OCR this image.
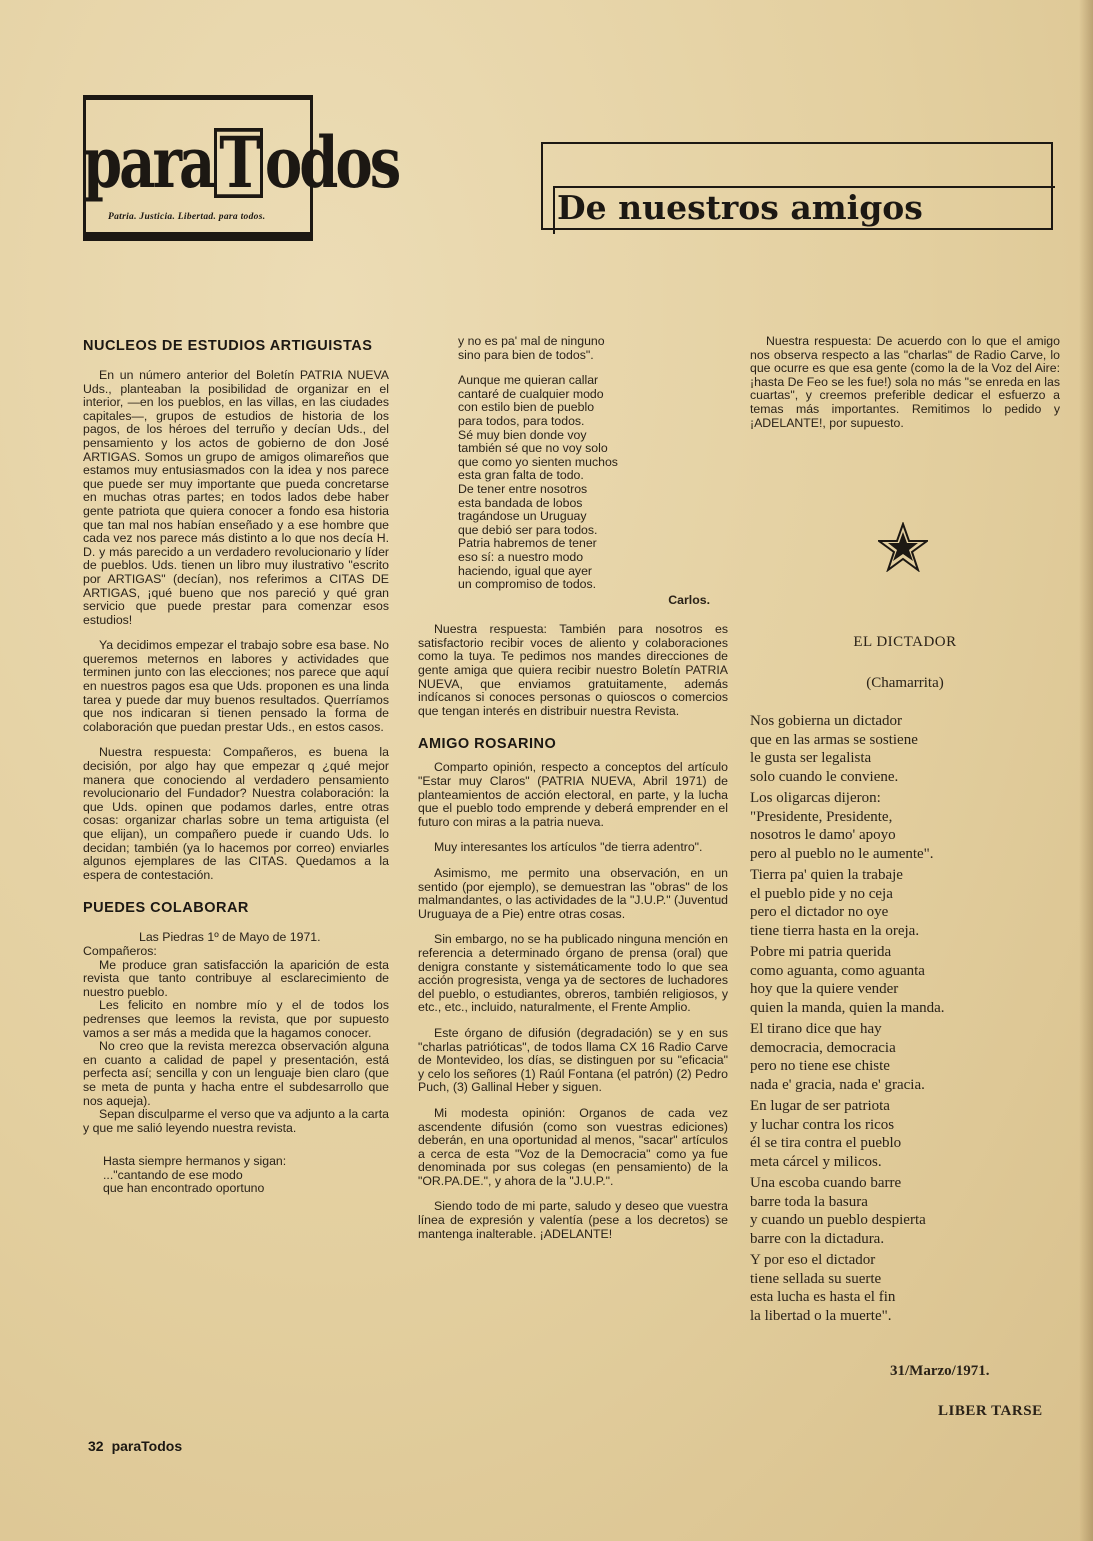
para T odos
Patria. Justicia. Libertad. para todos.	De nuestros amigos
NUCLEOS DE ESTUDIOS ARTIGUISTAS

En un número anterior del Boletín PATRIA NUEVA Uds., planteaban la posibilidad de organizar en el interior, —en los pueblos, en las villas, en las ciudades capitales—, grupos de estudios de historia de los pagos, de los héroes del terruño y decían Uds., del pensamiento y los actos de gobierno de don José ARTIGAS. Somos un grupo de amigos olimareños que estamos muy entusiasmados con la idea y nos parece que puede ser muy importante que pueda concretarse en muchas otras partes; en todos lados debe haber gente patriota que quiera conocer a fondo esa historia que tan mal nos habían enseñado y a ese hombre que cada vez nos parece más distinto a lo que nos decía H. D. y más parecido a un verdadero revolucionario y líder de pueblos. Uds. tienen un libro muy ilustrativo "escrito por ARTIGAS" (decían), nos referimos a CITAS DE ARTIGAS, ¡qué bueno que nos pareció y qué gran servicio que puede prestar para comenzar esos estudios!

Ya decidimos empezar el trabajo sobre esa base. No queremos meternos en labores y actividades que terminen junto con las elecciones; nos parece que aquí en nuestros pagos esa que Uds. proponen es una linda tarea y puede dar muy buenos resultados. Querríamos que nos indicaran si tienen pensado la forma de colaboración que puedan prestar Uds., en estos casos.

Nuestra respuesta: Compañeros, es buena la decisión, por algo hay que empezar q ¿qué mejor manera que conociendo al verdadero pensamiento revolucionario del Fundador? Nuestra colaboración: la que Uds. opinen que podamos darles, entre otras cosas: organizar charlas sobre un tema artiguista (el que elijan), un compañero puede ir cuando Uds. lo decidan; también (ya lo hacemos por correo) enviarles algunos ejemplares de las CITAS. Quedamos a la espera de contestación.

PUEDES COLABORAR

Las Piedras 1º de Mayo de 1971.

Compañeros:

Me produce gran satisfacción la aparición de esta revista que tanto contribuye al esclarecimiento de nuestro pueblo.

Les felicito en nombre mío y el de todos los pedrenses que leemos la revista, que por supuesto vamos a ser más a medida que la hagamos conocer.

No creo que la revista merezca observación alguna en cuanto a calidad de papel y presentación, está perfecta así; sencilla y con un lenguaje bien claro (que se meta de punta y hacha entre el subdesarrollo que nos aqueja).

Sepan disculparme el verso que va adjunto a la carta y que me salió leyendo nuestra revista.

Hasta siempre hermanos y sigan:
..."cantando de ese modo
que han encontrado oportuno

y no es pa' mal de ninguno
sino para bien de todos".

Aunque me quieran callar
cantaré de cualquier modo
con estilo bien de pueblo
para todos, para todos.
Sé muy bien donde voy
también sé que no voy solo
que como yo sienten muchos
esta gran falta de todo.
De tener entre nosotros
esta bandada de lobos
tragándose un Uruguay
que debió ser para todos.
Patria habremos de tener
eso sí: a nuestro modo
haciendo, igual que ayer
un compromiso de todos.

Carlos.

Nuestra respuesta: También para nosotros es satisfactorio recibir voces de aliento y colaboraciones como la tuya. Te pedimos nos mandes direcciones de gente amiga que quiera recibir nuestro Boletín PATRIA NUEVA, que enviamos gratuitamente, además indícanos si conoces personas o quioscos o comercios que tengan interés en distribuir nuestra Revista.

AMIGO ROSARINO

Comparto opinión, respecto a conceptos del artículo "Estar muy Claros" (PATRIA NUEVA, Abril 1971) de planteamientos de acción electoral, en parte, y la lucha que el pueblo todo emprende y deberá emprender en el futuro con miras a la patria nueva.

Muy interesantes los artículos "de tierra adentro".

Asimismo, me permito una observación, en un sentido (por ejemplo), se demuestran las "obras" de los malmandantes, o las actividades de la "J.U.P." (Juventud Uruguaya de a Pie) entre otras cosas.

Sin embargo, no se ha publicado ninguna mención en referencia a determinado órgano de prensa (oral) que denigra constante y sistemáticamente todo lo que sea acción progresista, venga ya de sectores de luchadores del pueblo, o estudiantes, obreros, también religiosos, y etc., etc., incluido, naturalmente, el Frente Amplio.

Este órgano de difusión (degradación) se y en sus "charlas patrióticas", de todos llama CX 16 Radio Carve de Montevideo, los días, se distinguen por su "eficacia" y celo los señores (1) Raúl Fontana (el patrón) (2) Pedro Puch, (3) Gallinal Heber y siguen.

Mi modesta opinión: Organos de cada vez ascendente difusión (como son vuestras ediciones) deberán, en una oportunidad al menos, "sacar" artículos a cerca de esta "Voz de la Democracia" como ya fue denominada por sus colegas (en pensamiento) de la "OR.PA.DE.", y ahora de la "J.U.P.".

Siendo todo de mi parte, saludo y deseo que vuestra línea de expresión y valentía (pese a los decretos) se mantenga inalterable. ¡ADELANTE!

Nuestra respuesta: De acuerdo con lo que el amigo nos observa respecto a las "charlas" de Radio Carve, lo que ocurre es que esa gente (como la de la Voz del Aire: ¡hasta De Feo se les fue!) sola no más "se enreda en las cuartas", y creemos preferible dedicar el esfuerzo a temas más importantes. Remitimos lo pedido y ¡ADELANTE!, por supuesto.

EL DICTADOR
(Chamarrita)
Nos gobierna un dictador
que en las armas se sostiene
le gusta ser legalista
solo cuando le conviene.
Los oligarcas dijeron:
"Presidente, Presidente,
nosotros le damo' apoyo
pero al pueblo no le aumente".
Tierra pa' quien la trabaje
el pueblo pide y no ceja
pero el dictador no oye
tiene tierra hasta en la oreja.
Pobre mi patria querida
como aguanta, como aguanta
hoy que la quiere vender
quien la manda, quien la manda.
El tirano dice que hay
democracia, democracia
pero no tiene ese chiste
nada e' gracia, nada e' gracia.
En lugar de ser patriota
y luchar contra los ricos
él se tira contra el pueblo
meta cárcel y milicos.
Una escoba cuando barre
barre toda la basura
y cuando un pueblo despierta
barre con la dictadura.
Y por eso el dictador
tiene sellada su suerte
esta lucha es hasta el fin
la libertad o la muerte".
31/Marzo/1971.
LIBER TARSE
32 paraTodos
